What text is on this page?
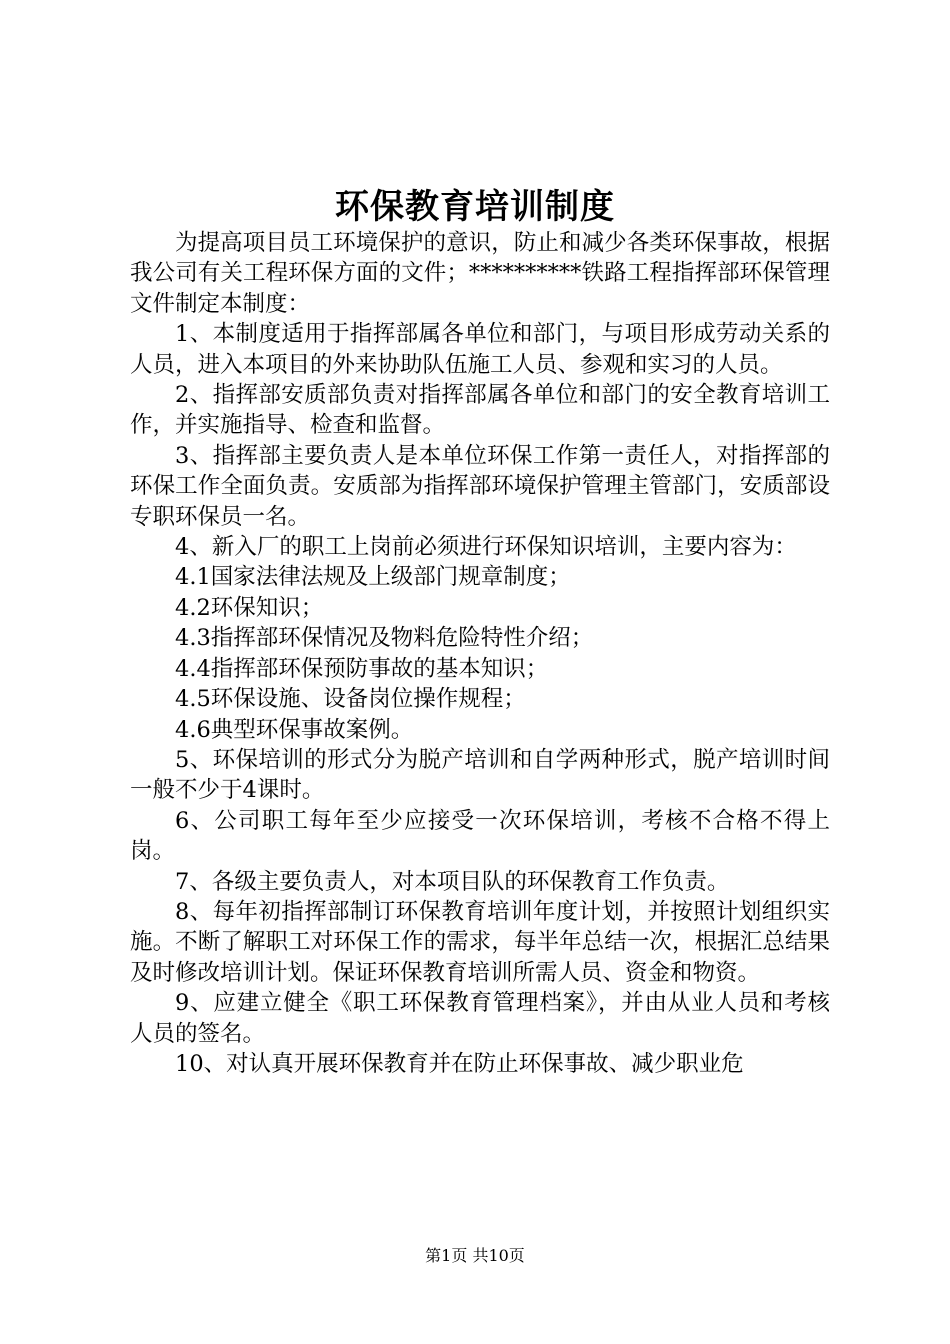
环保教育培训制度

为提高项目员工环境保护的意识，防止和减少各类环保事故，根据我公司有关工程环保方面的文件；**********铁路工程指挥部环保管理文件制定本制度：

1、本制度适用于指挥部属各单位和部门，与项目形成劳动关系的人员，进入本项目的外来协助队伍施工人员、参观和实习的人员。

2、指挥部安质部负责对指挥部属各单位和部门的安全教育培训工作，并实施指导、检查和监督。

3、指挥部主要负责人是本单位环保工作第一责任人，对指挥部的环保工作全面负责。安质部为指挥部环境保护管理主管部门，安质部设专职环保员一名。

4、新入厂的职工上岗前必须进行环保知识培训，主要内容为：

4.1国家法律法规及上级部门规章制度；

4.2环保知识；

4.3指挥部环保情况及物料危险特性介绍；

4.4指挥部环保预防事故的基本知识；

4.5环保设施、设备岗位操作规程；

4.6典型环保事故案例。

5、环保培训的形式分为脱产培训和自学两种形式，脱产培训时间一般不少于4课时。

6、公司职工每年至少应接受一次环保培训，考核不合格不得上岗。

7、各级主要负责人，对本项目队的环保教育工作负责。

8、每年初指挥部制订环保教育培训年度计划，并按照计划组织实施。不断了解职工对环保工作的需求，每半年总结一次，根据汇总结果及时修改培训计划。保证环保教育培训所需人员、资金和物资。

9、应建立健全《职工环保教育管理档案》，并由从业人员和考核人员的签名。

10、对认真开展环保教育并在防止环保事故、减少职业危

第1页 共10页
